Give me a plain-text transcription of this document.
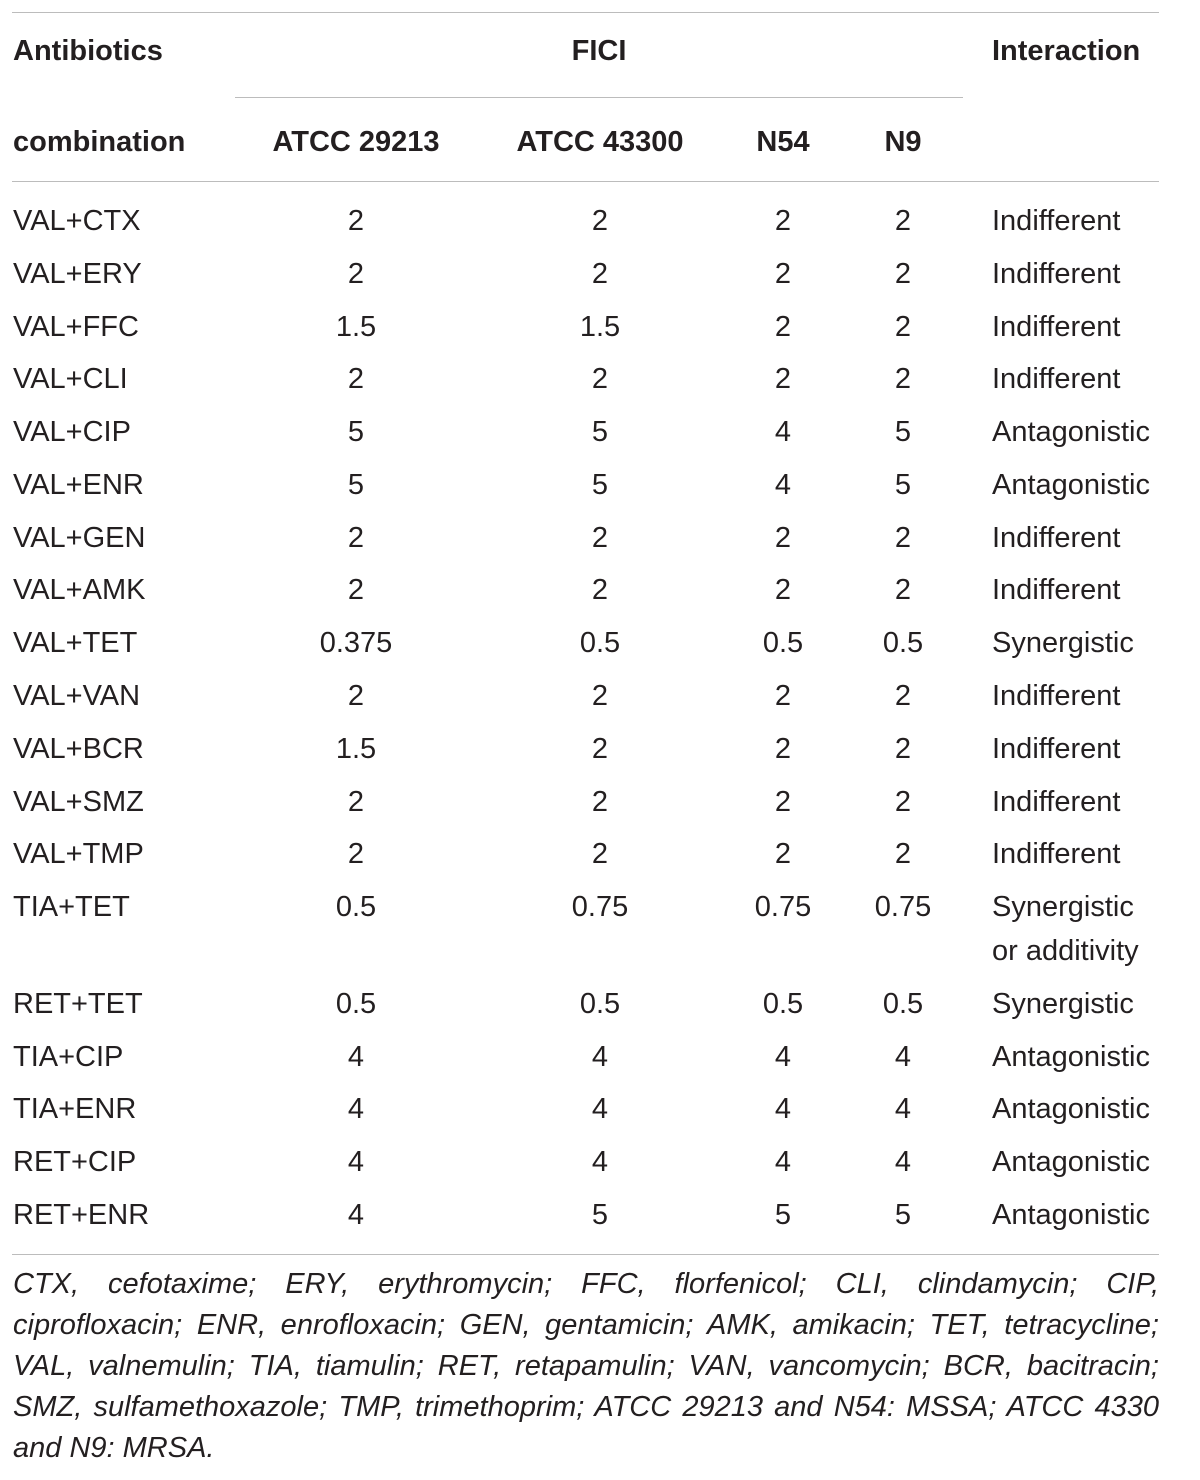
Antibiotics	FICI	Interaction
combination	ATCC 29213	ATCC 43300	N54	N9
VAL+CTX	2	2	2	2	Indifferent
VAL+ERY	2	2	2	2	Indifferent
VAL+FFC	1.5	1.5	2	2	Indifferent
VAL+CLI	2	2	2	2	Indifferent
VAL+CIP	5	5	4	5	Antagonistic
VAL+ENR	5	5	4	5	Antagonistic
VAL+GEN	2	2	2	2	Indifferent
VAL+AMK	2	2	2	2	Indifferent
VAL+TET	0.375	0.5	0.5	0.5 Synergistic
VAL+VAN	2	2	2	2	Indifferent
VAL+BCR	1.5	2	2	2	Indifferent
VAL+SMZ	2	2	2	2	Indifferent
VAL+TMP	2	2	2	2	Indifferent
TIA+TET	0.5	0.75	0.75 0.75 Synergistic
or additivity
RET+TET	0.5	0.5	0.5	0.5 Synergistic
TIA+CIP	4	4	4	4	Antagonistic
TIA+ENR	4	4	4	4	Antagonistic
RET+CIP	4	4	4	4	Antagonistic
RET+ENR	4	5	5	5	Antagonistic
CTX, cefotaxime; ERY, erythromycin; FFC, florfenicol; CLI, clindamycin; CIP, ciprofloxacin; ENR, enrofloxacin; GEN, gentamicin; AMK, amikacin; TET, tetracycline; VAL, valnemulin; TIA, tiamulin; RET, retapamulin; VAN, vancomycin; BCR, bacitracin; SMZ, sulfamethoxazole; TMP, trimethoprim; ATCC 29213 and N54: MSSA; ATCC 4330 and N9: MRSA.
